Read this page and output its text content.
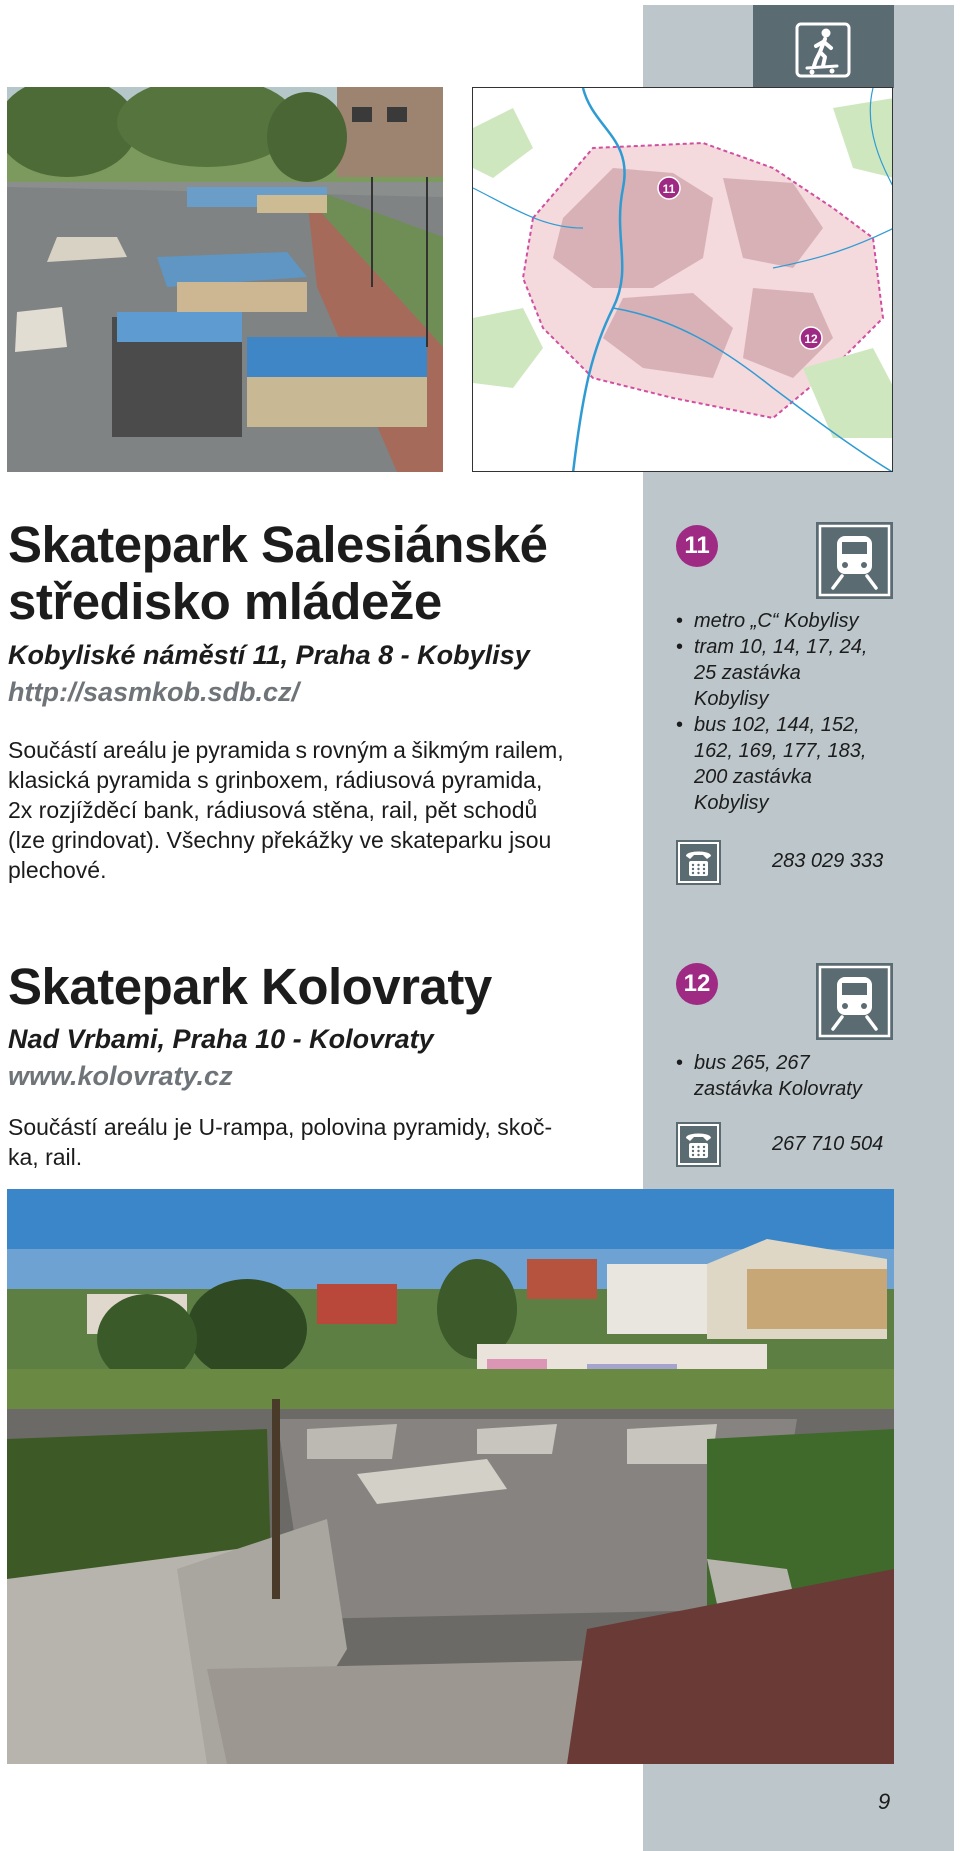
11
12
Skatepark Salesiánské
středisko mládeže
Kobyliské náměstí 11, Praha 8 - Kobylisy
http://sasmkob.sdb.cz/
Součástí areálu je pyramida s rovným a šikmým railem,
klasická pyramida s grinboxem, rádiusová pyramida,
2x rozjížděcí bank, rádiusová stěna, rail, pět schodů
(lze grindovat). Všechny překážky ve skateparku jsou
plechové.
11
• metro „C“ Kobylisy
• tram 10, 14, 17, 24,
25 zastávka
Kobylisy
• bus 102, 144, 152,
162, 169, 177, 183,
200 zastávka
Kobylisy
283 029 333
Skatepark Kolovraty
Nad Vrbami, Praha 10 - Kolovraty
www.kolovraty.cz
Součástí areálu je U-rampa, polovina pyramidy, skoč-
ka, rail.
12
• bus 265, 267
zastávka Kolovraty
267 710 504
9
